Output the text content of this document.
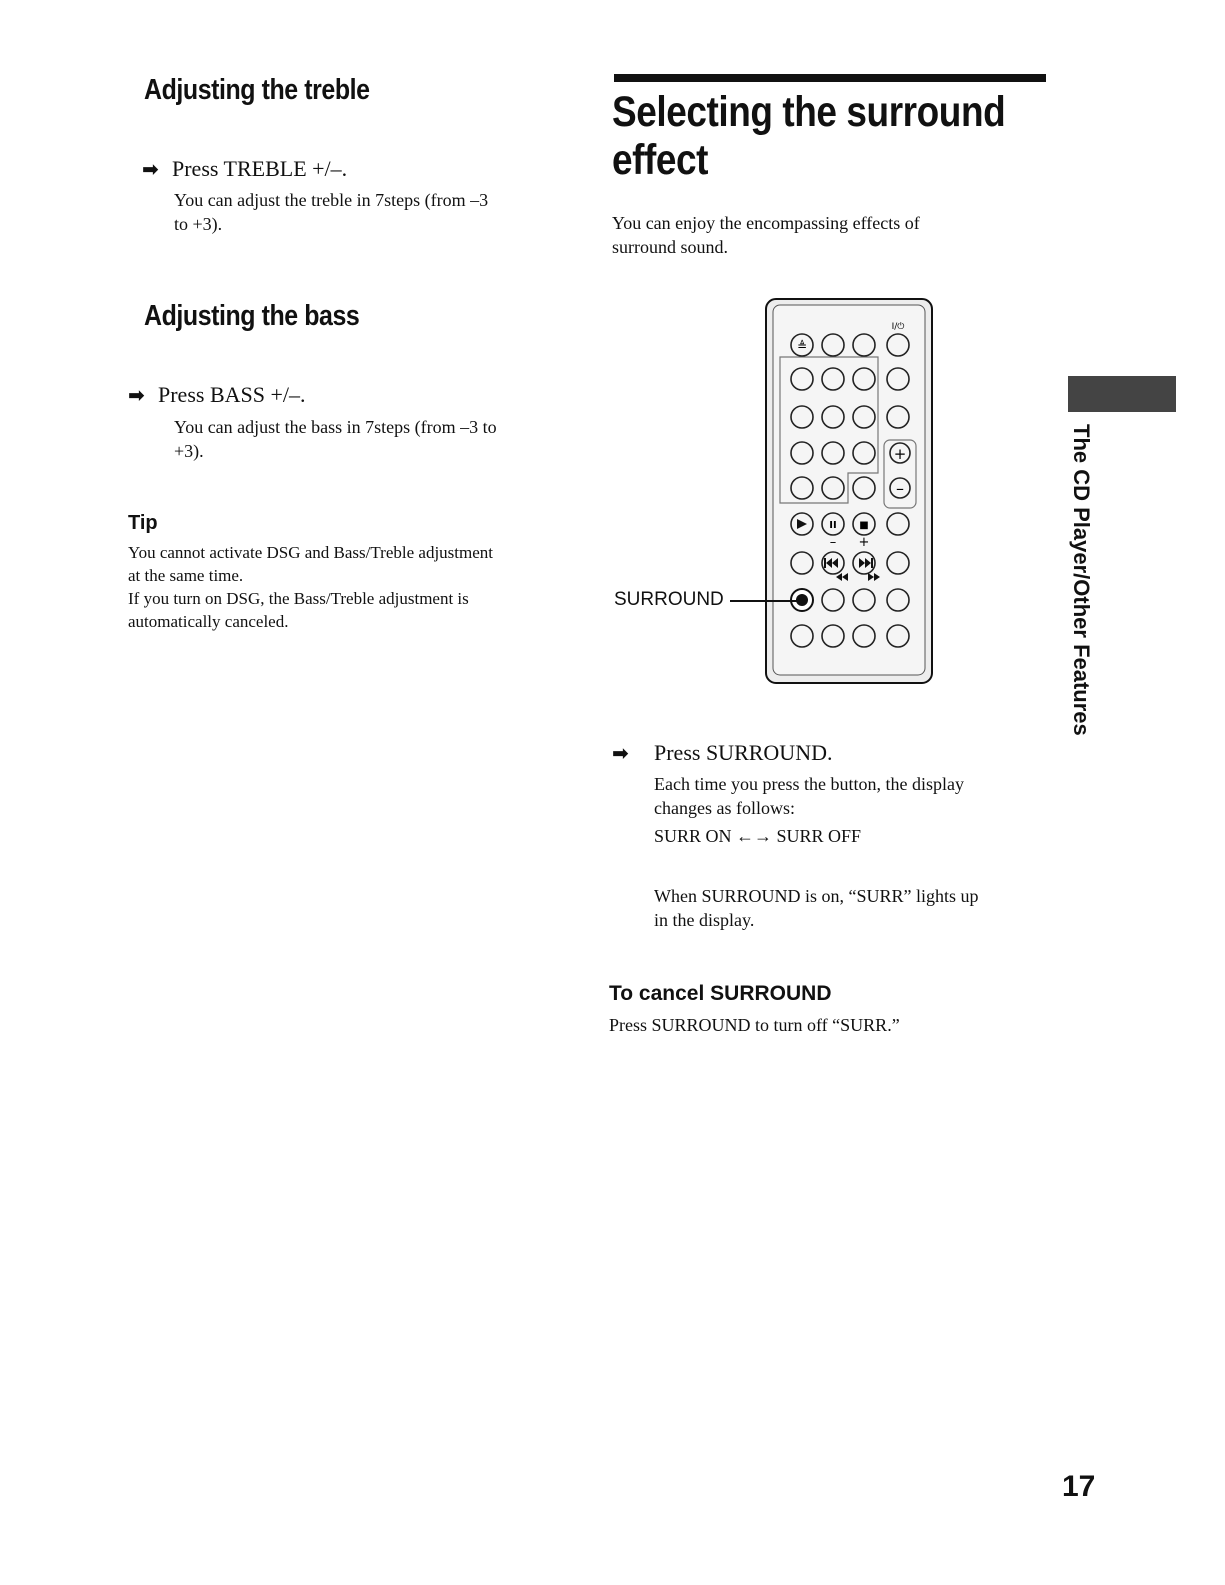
Adjusting the treble
➡ Press TREBLE +/–.
You can adjust the treble in 7steps (from –3
to +3).
Adjusting the bass
➡ Press BASS +/–.
You can adjust the bass in 7steps (from –3 to
+3).
Tip
You cannot activate DSG and Bass/Treble adjustment
at the same time.
If you turn on DSG, the Bass/Treble adjustment is
automatically canceled.
Selecting the surround
effect
You can enjoy the encompassing effects of
surround sound.
≜
I/⏻
+
–
II ■
– +
SURROUND
➡ Press SURROUND.
Each time you press the button, the display
changes as follows:
SURR ON ←→ SURR OFF
When SURROUND is on, “SURR” lights up
in the display.
To cancel SURROUND
Press SURROUND to turn off “SURR.”
The CD Player/Other Features
17
